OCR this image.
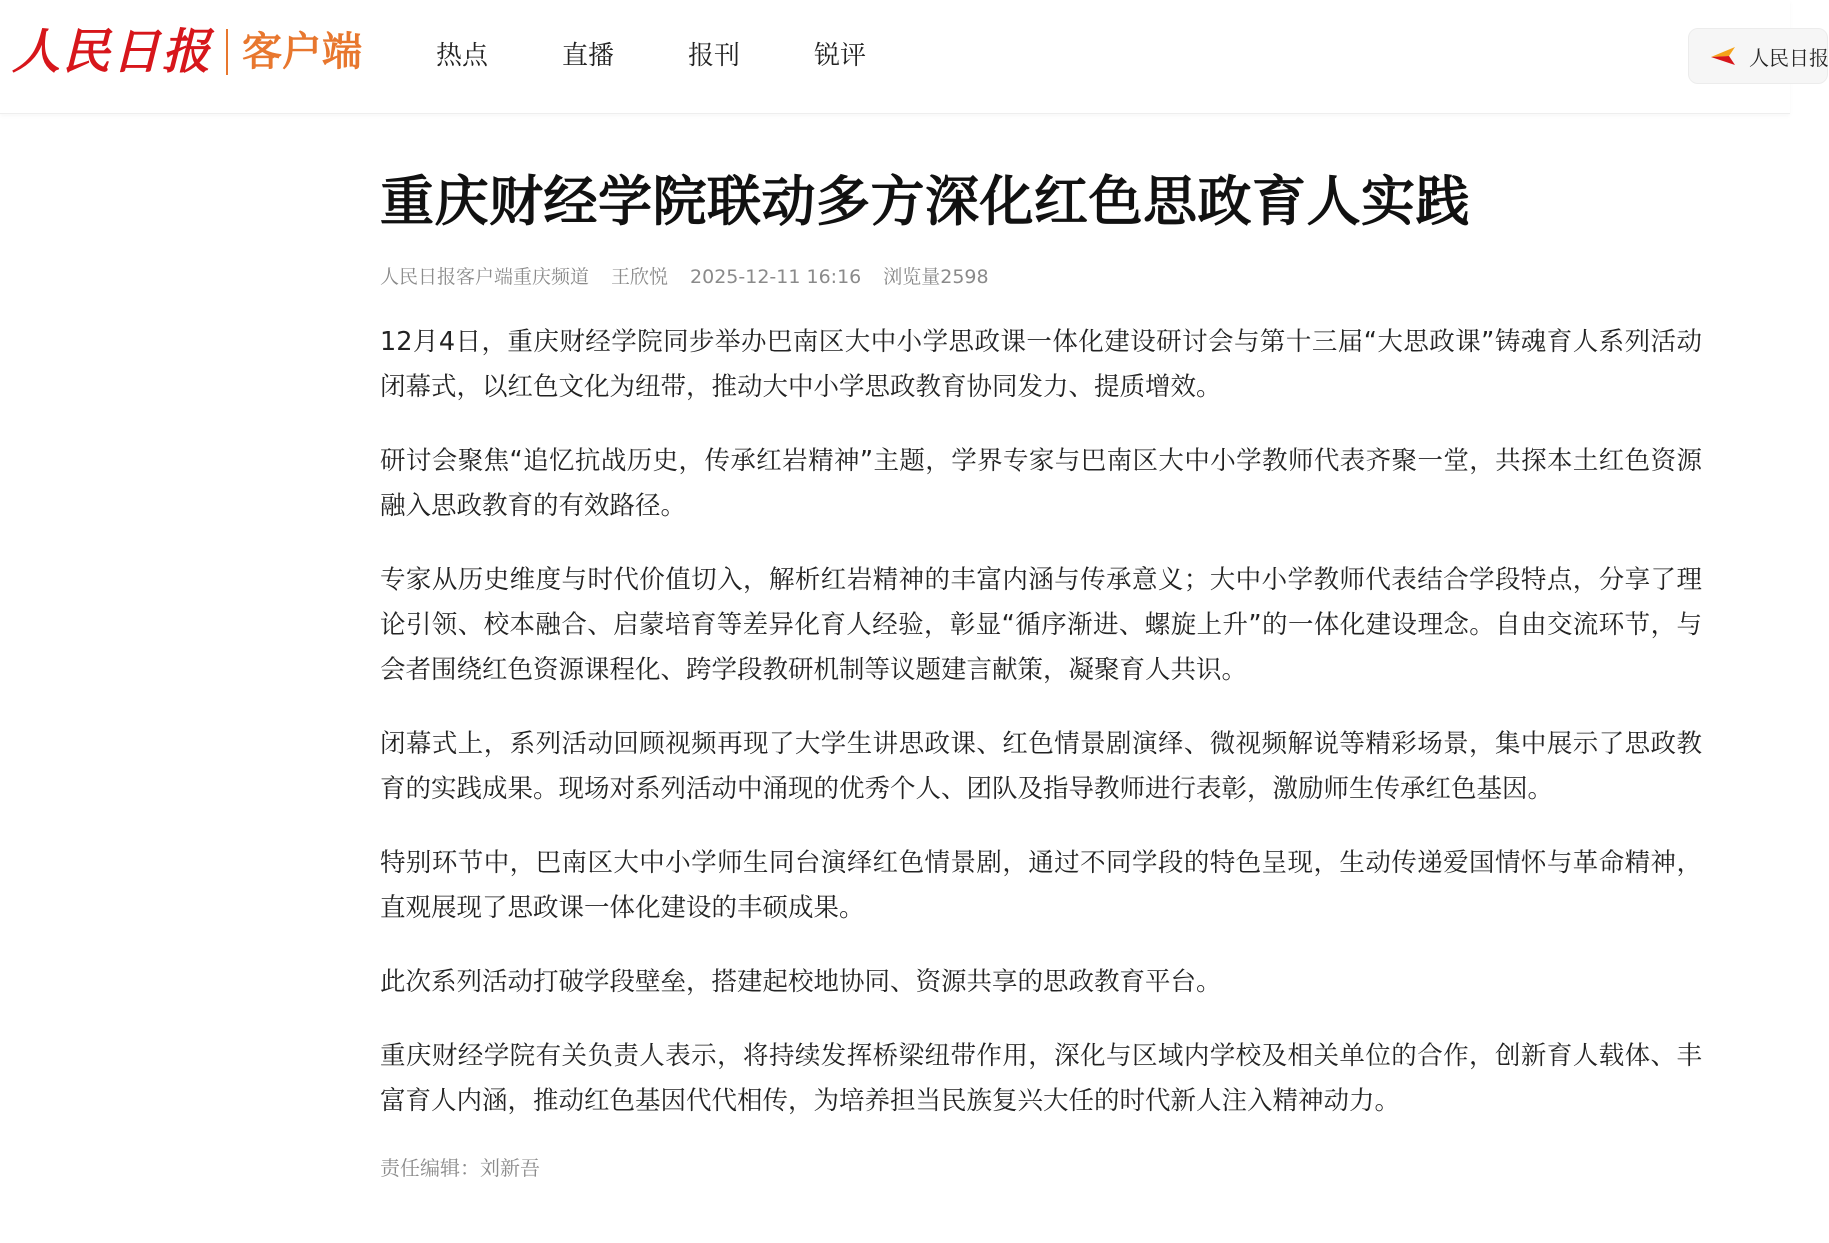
人民日报 客户端	热点	直播	报刊	锐评	人民日报
重庆财经学院联动多方深化红色思政育人实践
人民日报客户端重庆频道 王欣悦 2025-12-11 16:16 浏览量2598

12月4日，重庆财经学院同步举办巴南区大中小学思政课一体化建设研讨会与第十三届“大思政课”铸魂育人系列活动闭幕式，以红色文化为纽带，推动大中小学思政教育协同发力、提质增效。

研讨会聚焦“追忆抗战历史，传承红岩精神”主题，学界专家与巴南区大中小学教师代表齐聚一堂，共探本土红色资源融入思政教育的有效路径。

专家从历史维度与时代价值切入，解析红岩精神的丰富内涵与传承意义；大中小学教师代表结合学段特点，分享了理论引领、校本融合、启蒙培育等差异化育人经验，彰显“循序渐进、螺旋上升”的一体化建设理念。自由交流环节，与会者围绕红色资源课程化、跨学段教研机制等议题建言献策，凝聚育人共识。

闭幕式上，系列活动回顾视频再现了大学生讲思政课、红色情景剧演绎、微视频解说等精彩场景，集中展示了思政教育的实践成果。现场对系列活动中涌现的优秀个人、团队及指导教师进行表彰，激励师生传承红色基因。

特别环节中，巴南区大中小学师生同台演绎红色情景剧，通过不同学段的特色呈现，生动传递爱国情怀与革命精神，直观展现了思政课一体化建设的丰硕成果。

此次系列活动打破学段壁垒，搭建起校地协同、资源共享的思政教育平台。

重庆财经学院有关负责人表示，将持续发挥桥梁纽带作用，深化与区域内学校及相关单位的合作，创新育人载体、丰富育人内涵，推动红色基因代代相传，为培养担当民族复兴大任的时代新人注入精神动力。

责任编辑：刘新吾
